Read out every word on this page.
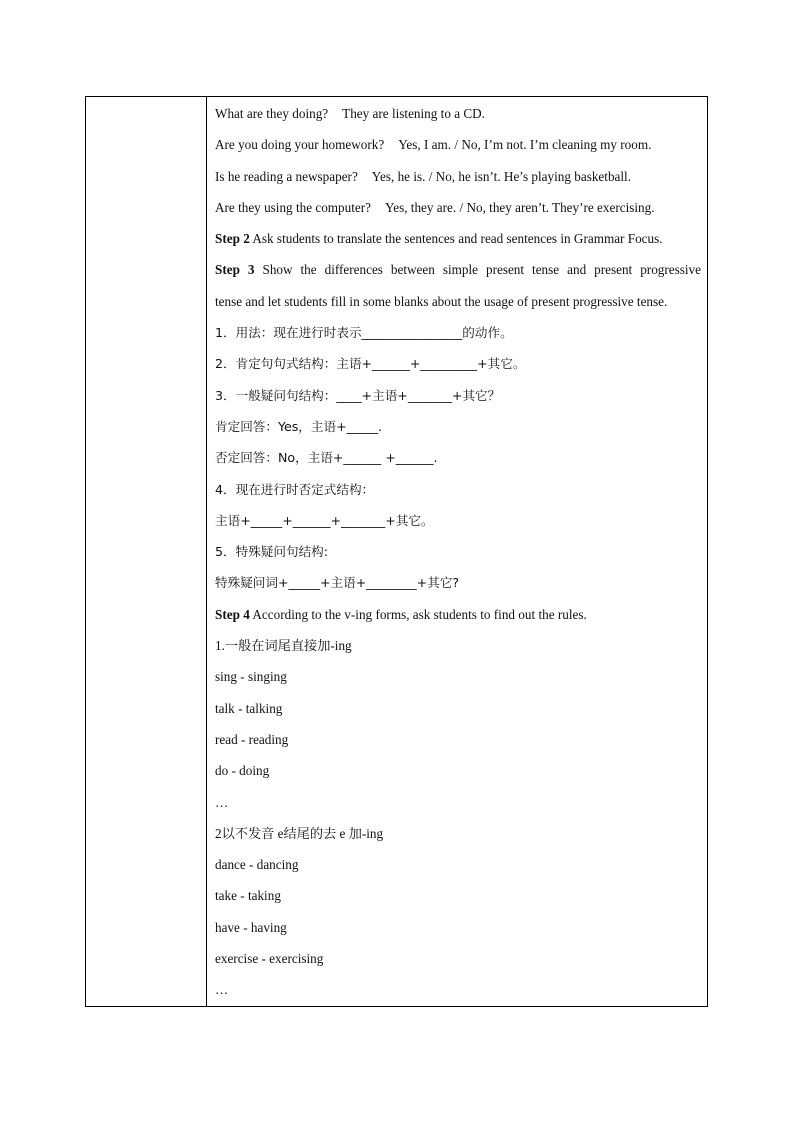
What are they doing? They are listening to a CD.
Are you doing your homework? Yes, I am. / No, I’m not. I’m cleaning my room.
Is he reading a newspaper? Yes, he is. / No, he isn’t. He’s playing basketball.
Are they using the computer? Yes, they are. / No, they aren’t. They’re exercising.
Step 2 Ask students to translate the sentences and read sentences in Grammar Focus.
Step 3 Show the differences between simple present tense and present progressive
tense and let students fill in some blanks about the usage of present progressive tense.
1．用法：现在进行时表示________________的动作。
2．肯定句句式结构：主语+______+_________+其它。
3．一般疑问句结构：____+主语+_______+其它？
肯定回答：Yes，主语+_____.
否定回答：No，主语+______ +______.
4．现在进行时否定式结构：
主语+_____+______+_______+其它。
5．特殊疑问句结构:
特殊疑问词+_____+主语+________+其它?
Step 4 According to the v-ing forms, ask students to find out the rules.
1.一般在词尾直接加-ing
sing - singing
talk - talking
read - reading
do - doing
…
2以不发音 e结尾的去 e 加-ing
dance - dancing
take - taking
have - having
exercise - exercising
…
